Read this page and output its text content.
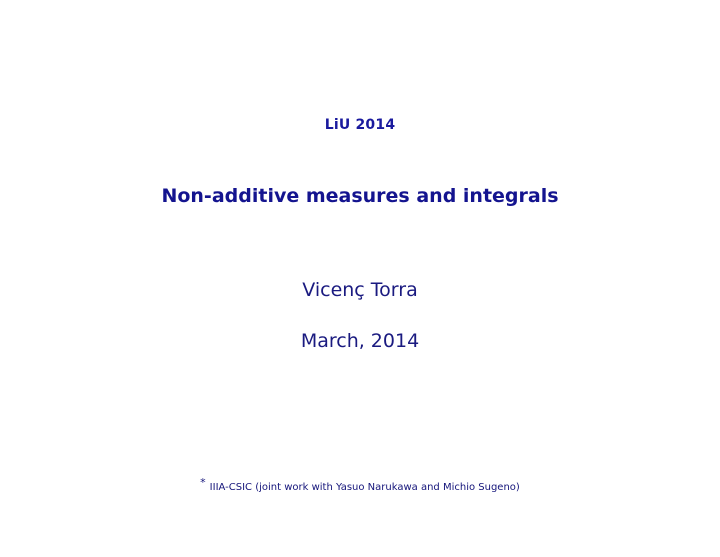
LiU 2014
Non-additive measures and integrals
Vicenç Torra
March, 2014
* IIIA-CSIC (joint work with Yasuo Narukawa and Michio Sugeno)
